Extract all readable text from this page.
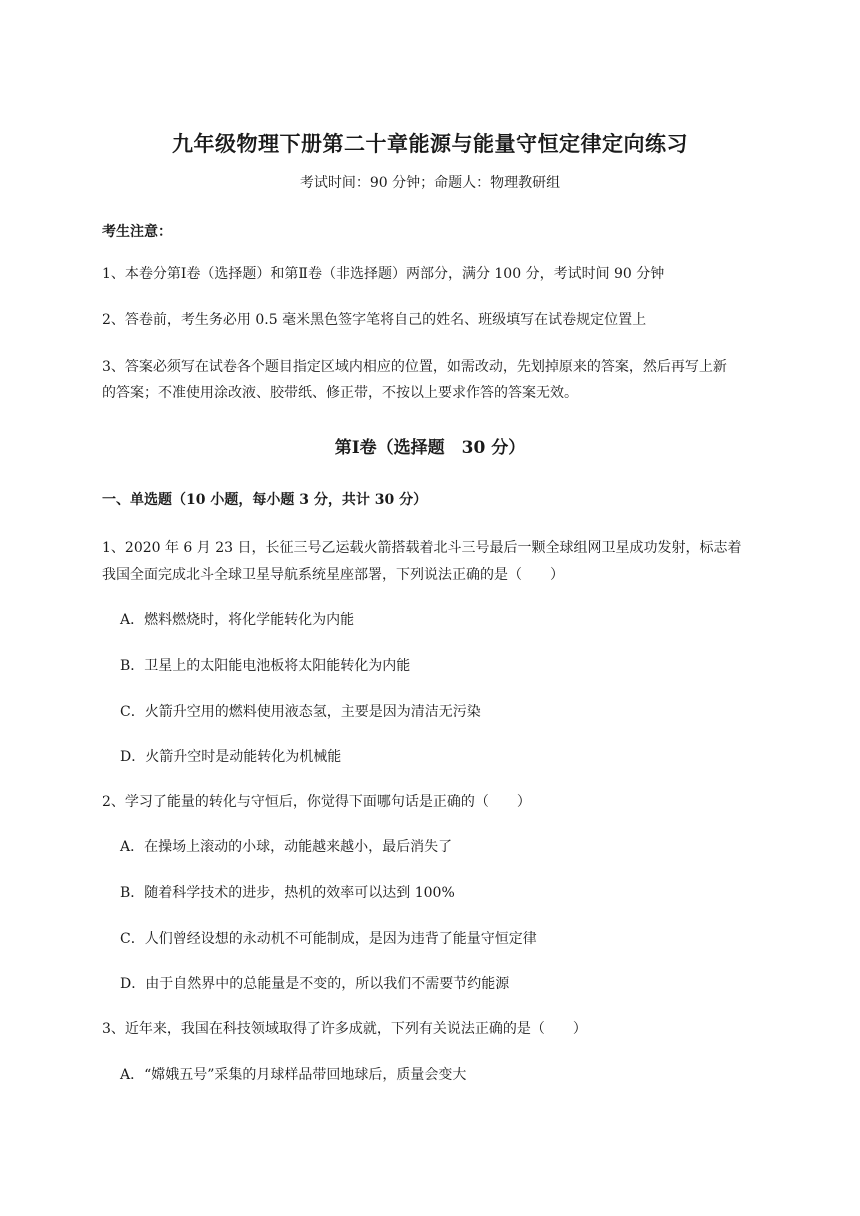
九年级物理下册第二十章能源与能量守恒定律定向练习
考试时间：90 分钟；命题人：物理教研组
考生注意：
1、本卷分第Ⅰ卷（选择题）和第Ⅱ卷（非选择题）两部分，满分 100 分，考试时间 90 分钟
2、答卷前，考生务必用 0.5 毫米黑色签字笔将自己的姓名、班级填写在试卷规定位置上
3、答案必须写在试卷各个题目指定区域内相应的位置，如需改动，先划掉原来的答案，然后再写上新
的答案；不准使用涂改液、胶带纸、修正带，不按以上要求作答的答案无效。
第Ⅰ卷（选择题　30 分）
一、单选题（10 小题，每小题 3 分，共计 30 分）
1、2020 年 6 月 23 日，长征三号乙运载火箭搭载着北斗三号最后一颗全球组网卫星成功发射，标志着
我国全面完成北斗全球卫星导航系统星座部署，下列说法正确的是（　　）
A．燃料燃烧时，将化学能转化为内能
B．卫星上的太阳能电池板将太阳能转化为内能
C．火箭升空用的燃料使用液态氢，主要是因为清洁无污染
D．火箭升空时是动能转化为机械能
2、学习了能量的转化与守恒后，你觉得下面哪句话是正确的（　　）
A．在操场上滚动的小球，动能越来越小，最后消失了
B．随着科学技术的进步，热机的效率可以达到 100%
C．人们曾经设想的永动机不可能制成，是因为违背了能量守恒定律
D．由于自然界中的总能量是不变的，所以我们不需要节约能源
3、近年来，我国在科技领域取得了许多成就，下列有关说法正确的是（　　）
A．“嫦娥五号”采集的月球样品带回地球后，质量会变大
